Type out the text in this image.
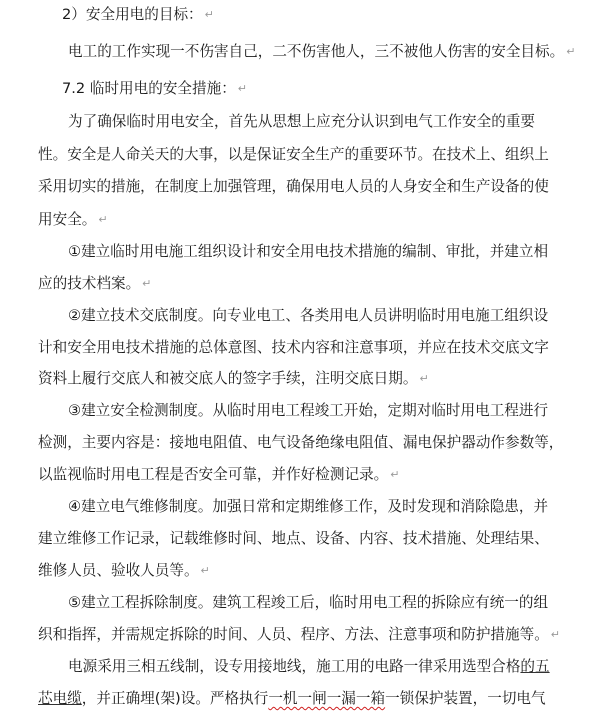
2）安全用电的目标： ↵
电工的工作实现一不伤害自己，二不伤害他人，三不被他人伤害的安全目标。 ↵
7.2 临时用电的安全措施： ↵
为了确保临时用电安全，首先从思想上应充分认识到电气工作安全的重要
性。安全是人命关天的大事，以是保证安全生产的重要环节。在技术上、组织上
采用切实的措施，在制度上加强管理，确保用电人员的人身安全和生产设备的使
用安全。 ↵
①建立临时用电施工组织设计和安全用电技术措施的编制、审批，并建立相
应的技术档案。 ↵
②建立技术交底制度。向专业电工、各类用电人员讲明临时用电施工组织设
计和安全用电技术措施的总体意图、技术内容和注意事项，并应在技术交底文字
资料上履行交底人和被交底人的签字手续，注明交底日期。 ↵
③建立安全检测制度。从临时用电工程竣工开始，定期对临时用电工程进行
检测，主要内容是：接地电阻值、电气设备绝缘电阻值、漏电保护器动作参数等，
以监视临时用电工程是否安全可靠，并作好检测记录。 ↵
④建立电气维修制度。加强日常和定期维修工作，及时发现和消除隐患，并
建立维修工作记录，记载维修时间、地点、设备、内容、技术措施、处理结果、
维修人员、验收人员等。 ↵
⑤建立工程拆除制度。建筑工程竣工后，临时用电工程的拆除应有统一的组
织和指挥，并需规定拆除的时间、人员、程序、方法、注意事项和防护措施等。 ↵
电源采用三相五线制，设专用接地线，施工用的电路一律采用选型合格的五
芯电缆，并正确埋(架)设。严格执行一机一闸一漏一箱一锁保护装置，一切电气
